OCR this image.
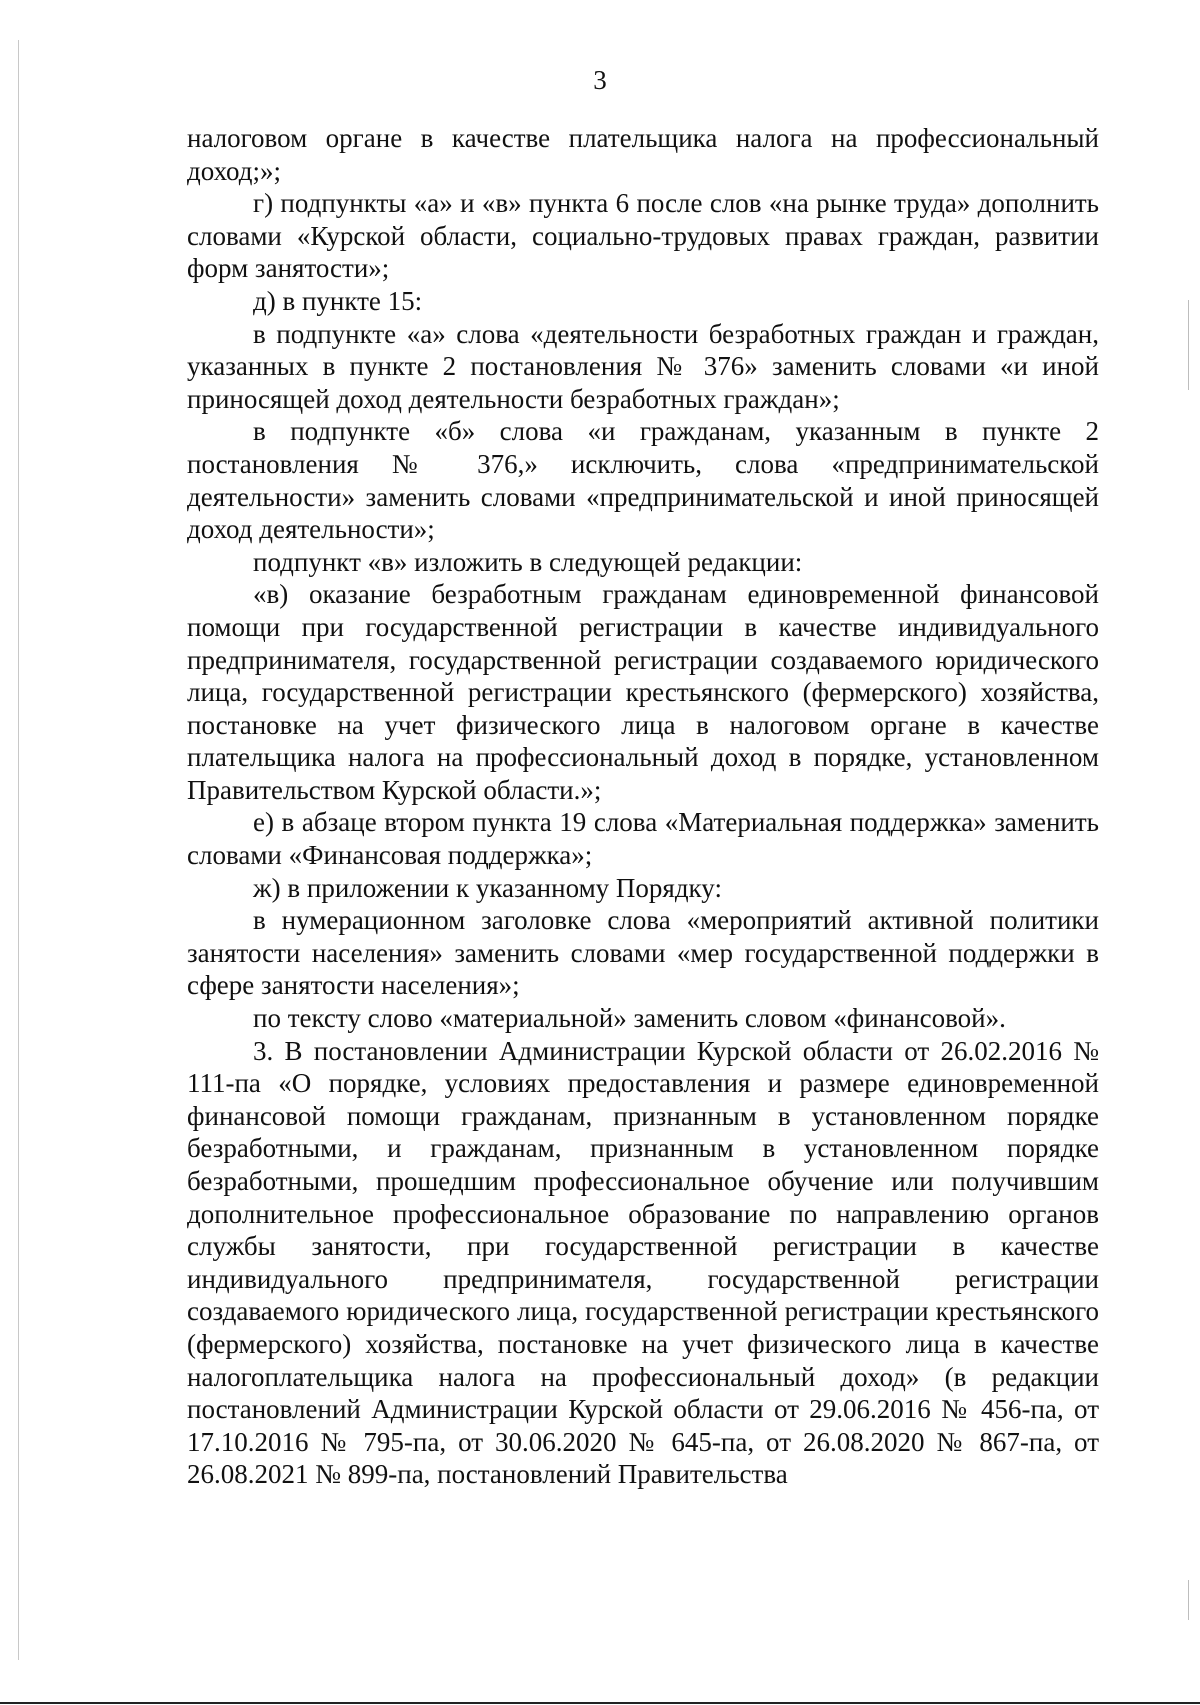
3

налоговом органе в качестве плательщика налога на профессиональный доход;»;

г) подпункты «а» и «в» пункта 6 после слов «на рынке труда» дополнить словами «Курской области, социально-трудовых правах граждан, развитии форм занятости»;

д) в пункте 15:

в подпункте «а» слова «деятельности безработных граждан и граждан, указанных в пункте 2 постановления № 376» заменить словами «и иной приносящей доход деятельности безработных граждан»;

в подпункте «б» слова «и гражданам, указанным в пункте 2 постановления № 376,» исключить, слова «предпринимательской деятельности» заменить словами «предпринимательской и иной приносящей доход деятельности»;

подпункт «в» изложить в следующей редакции:

«в) оказание безработным гражданам единовременной финансовой помощи при государственной регистрации в качестве индивидуального предпринимателя, государственной регистрации создаваемого юридического лица, государственной регистрации крестьянского (фермерского) хозяйства, постановке на учет физического лица в налоговом органе в качестве плательщика налога на профессиональный доход в порядке, установленном Правительством Курской области.»;

е) в абзаце втором пункта 19 слова «Материальная поддержка» заменить словами «Финансовая поддержка»;

ж) в приложении к указанному Порядку:

в нумерационном заголовке слова «мероприятий активной политики занятости населения» заменить словами «мер государственной поддержки в сфере занятости населения»;

по тексту слово «материальной» заменить словом «финансовой».

3. В постановлении Администрации Курской области от 26.02.2016 № 111-па «О порядке, условиях предоставления и размере единовременной финансовой помощи гражданам, признанным в установленном порядке безработными, и гражданам, признанным в установленном порядке безработными, прошедшим профессиональное обучение или получившим дополнительное профессиональное образование по направлению органов службы занятости, при государственной регистрации в качестве индивидуального предпринимателя, государственной регистрации создаваемого юридического лица, государственной регистрации крестьянского (фермерского) хозяйства, постановке на учет физического лица в качестве налогоплательщика налога на профессиональный доход» (в редакции постановлений Администрации Курской области от 29.06.2016 № 456-па, от 17.10.2016 № 795-па, от 30.06.2020 № 645-па, от 26.08.2020 № 867-па, от 26.08.2021 № 899-па, постановлений Правительства
